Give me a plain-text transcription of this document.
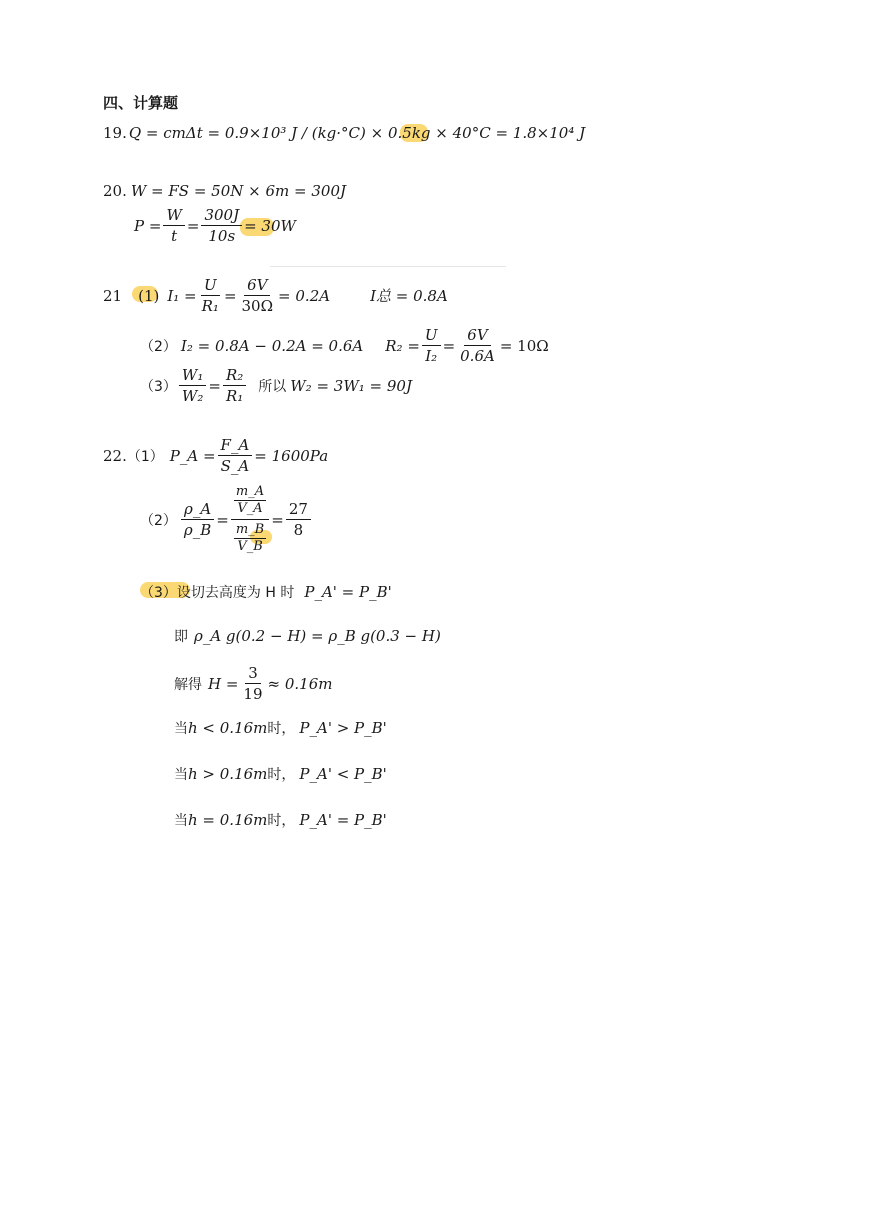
四、计算题
19. Q = cmΔt = 0.9×10³ J / (kg·°C) × 0.5kg × 40°C = 1.8×10⁴ J
20. W = FS = 50N × 6m = 300J
$P = \frac{W}{t} = \frac{300J}{10s} = 30W$
21 (1) $I_1 = \frac{U}{\text{R₁}} = \frac{6V}{30\Omega} = 0.2A$	I总 = 0.8A
（2） I₂ = 0.8A − 0.2A = 0.6A $R_2 = \frac{U}{\text{I₂}} = \frac{6V}{0.6A} = 10\Omega$
$(3) \frac{\text{W₁}}{\text{W₂}} = \frac{\text{R₂}}{\text{R₁}}$ 所以 W₂ = 3W₁ = 90J
22. （1） P_A = $\frac{F\_A}{S\_A} = 1600Pa$
$(2) \frac{\rho\_A}{\rho\_B} = \frac{\frac{m\_A}{V\_A}}{\frac{m\_B}{V\_B}} = \frac{27}{8}$
（3） 设切去高度为 H 时 P_A' = P_B'
即 ρ_A g(0.2 − H) = ρ_B g(0.3 − H)
解得 $H = \frac{3}{19} \approx 0.16m$
当 h < 0.16m 时， P_A' > P_B'
当 h > 0.16m 时， P_A' < P_B'
当 h = 0.16m 时， P_A' = P_B'
